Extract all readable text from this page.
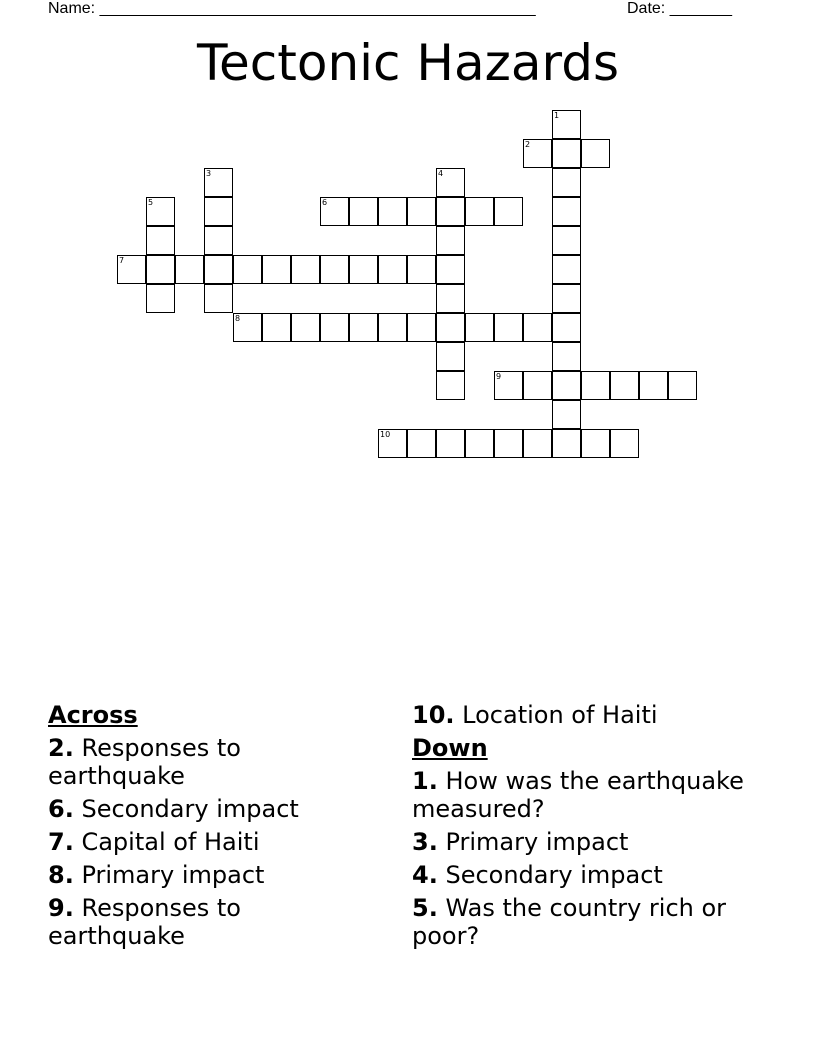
Name: _________________________________________________	Date: _______
Tectonic Hazards
2
6
7
8
9
10
1
3	4
5
Across
2. Responses to earthquake
6. Secondary impact
7. Capital of Haiti
8. Primary impact
9. Responses to earthquake
10. Location of Haiti
Down
1. How was the earthquake measured?
3. Primary impact
4. Secondary impact
5. Was the country rich or poor?
